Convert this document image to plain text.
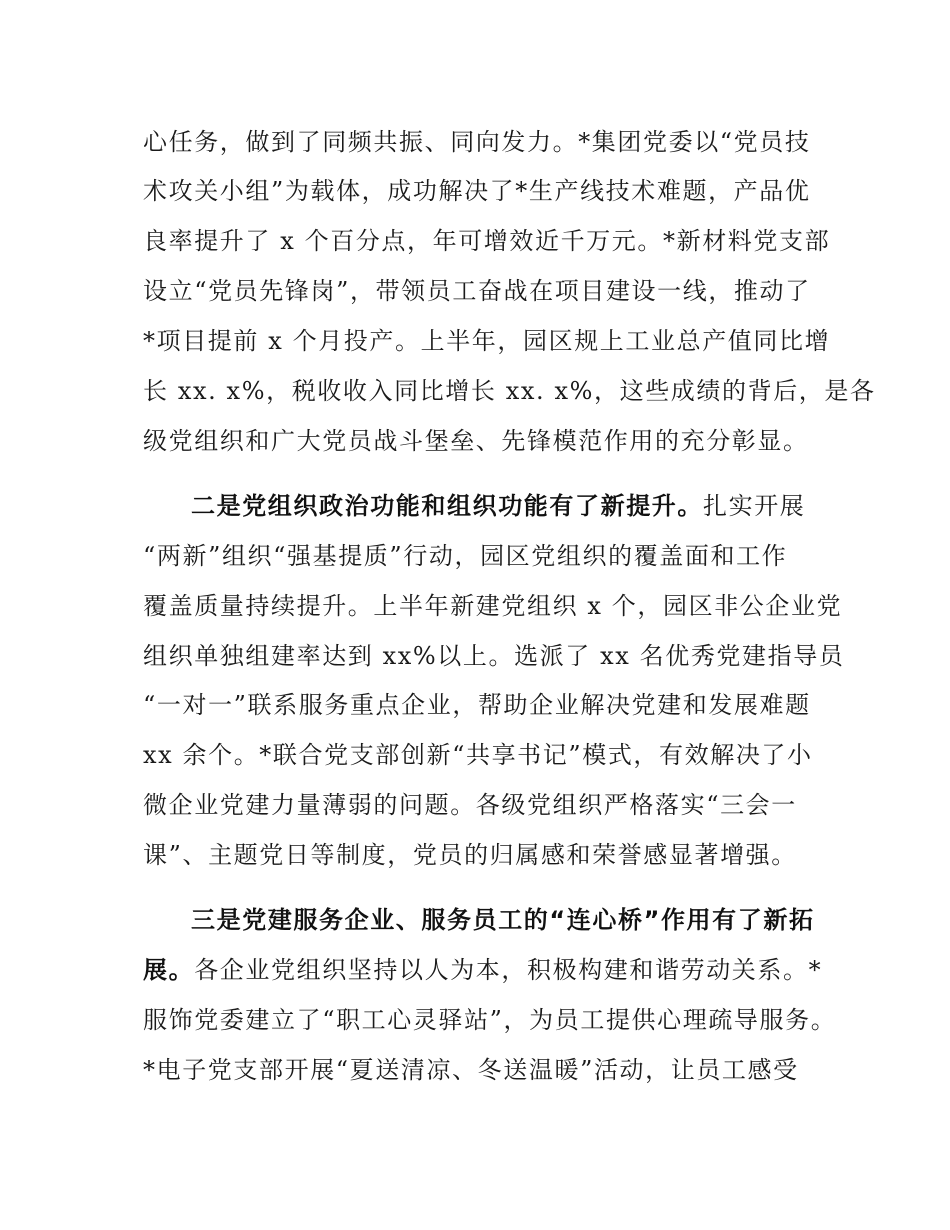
心任务，做到了同频共振、同向发力。*集团党委以“党员技
术攻关小组”为载体，成功解决了*生产线技术难题，产品优
良率提升了 x 个百分点，年可增效近千万元。*新材料党支部
设立“党员先锋岗”，带领员工奋战在项目建设一线，推动了
*项目提前 x 个月投产。上半年，园区规上工业总产值同比增
长 xx. x%，税收收入同比增长 xx. x%，这些成绩的背后，是各
级党组织和广大党员战斗堡垒、先锋模范作用的充分彰显。
二是党组织政治功能和组织功能有了新提升。扎实开展
“两新”组织“强基提质”行动，园区党组织的覆盖面和工作
覆盖质量持续提升。上半年新建党组织 x 个，园区非公企业党
组织单独组建率达到 xx%以上。选派了 xx 名优秀党建指导员
“一对一”联系服务重点企业，帮助企业解决党建和发展难题
xx 余个。*联合党支部创新“共享书记”模式，有效解决了小
微企业党建力量薄弱的问题。各级党组织严格落实“三会一
课”、主题党日等制度，党员的归属感和荣誉感显著增强。
三是党建服务企业、服务员工的“连心桥”作用有了新拓
展。各企业党组织坚持以人为本，积极构建和谐劳动关系。*
服饰党委建立了“职工心灵驿站”，为员工提供心理疏导服务。
*电子党支部开展“夏送清凉、冬送温暖”活动，让员工感受
